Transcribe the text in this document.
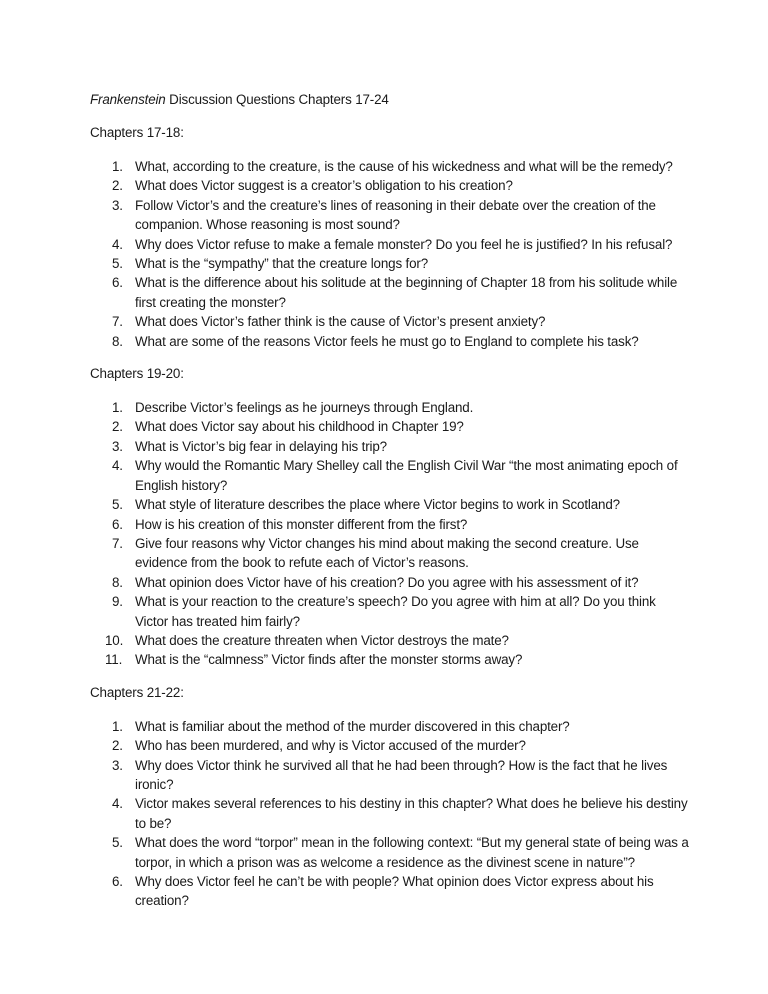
Frankenstein Discussion Questions Chapters 17-24

Chapters 17-18:

1. What, according to the creature, is the cause of his wickedness and what will be the remedy?
2. What does Victor suggest is a creator’s obligation to his creation?
3. Follow Victor’s and the creature’s lines of reasoning in their debate over the creation of the companion. Whose reasoning is most sound?
4. Why does Victor refuse to make a female monster? Do you feel he is justified? In his refusal?
5. What is the “sympathy” that the creature longs for?
6. What is the difference about his solitude at the beginning of Chapter 18 from his solitude while first creating the monster?
7. What does Victor’s father think is the cause of Victor’s present anxiety?
8. What are some of the reasons Victor feels he must go to England to complete his task?

Chapters 19-20:

1. Describe Victor’s feelings as he journeys through England.
2. What does Victor say about his childhood in Chapter 19?
3. What is Victor’s big fear in delaying his trip?
4. Why would the Romantic Mary Shelley call the English Civil War “the most animating epoch of English history?
5. What style of literature describes the place where Victor begins to work in Scotland?
6. How is his creation of this monster different from the first?
7. Give four reasons why Victor changes his mind about making the second creature. Use evidence from the book to refute each of Victor’s reasons.
8. What opinion does Victor have of his creation? Do you agree with his assessment of it?
9. What is your reaction to the creature’s speech? Do you agree with him at all? Do you think Victor has treated him fairly?
10. What does the creature threaten when Victor destroys the mate?
11. What is the “calmness” Victor finds after the monster storms away?

Chapters 21-22:

1. What is familiar about the method of the murder discovered in this chapter?
2. Who has been murdered, and why is Victor accused of the murder?
3. Why does Victor think he survived all that he had been through? How is the fact that he lives ironic?
4. Victor makes several references to his destiny in this chapter? What does he believe his destiny to be?
5. What does the word “torpor” mean in the following context: “But my general state of being was a torpor, in which a prison was as welcome a residence as the divinest scene in nature”?
6. Why does Victor feel he can’t be with people? What opinion does Victor express about his creation?
